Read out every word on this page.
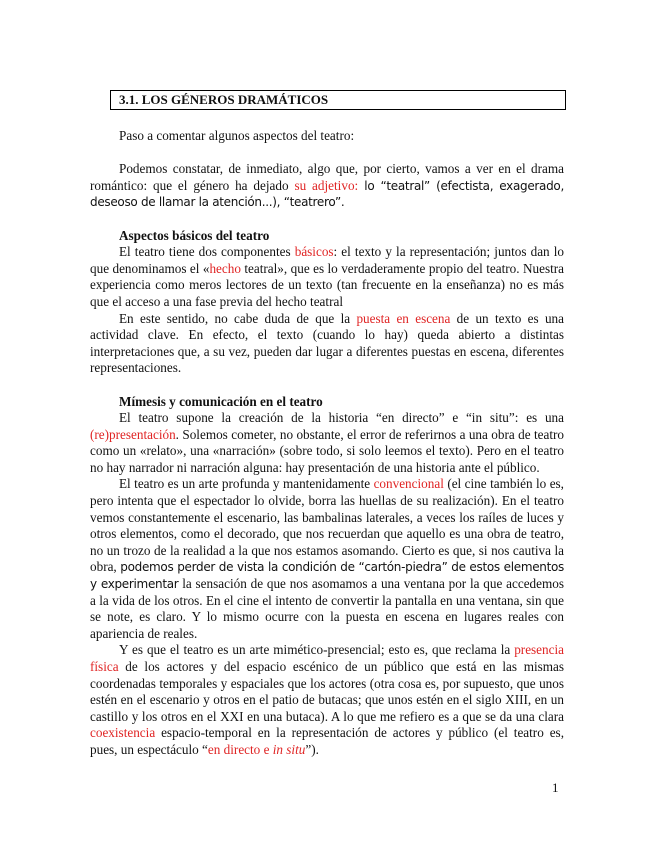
3.1. LOS GÉNEROS DRAMÁTICOS

Paso a comentar algunos aspectos del teatro:

Podemos constatar, de inmediato, algo que, por cierto, vamos a ver en el drama romántico: que el género ha dejado su adjetivo: lo “teatral” (efectista, exagerado, deseoso de llamar la atención...), “teatrero”.

Aspectos básicos del teatro

El teatro tiene dos componentes básicos: el texto y la representación; juntos dan lo que denominamos el «hecho teatral», que es lo verdaderamente propio del teatro. Nuestra experiencia como meros lectores de un texto (tan frecuente en la enseñanza) no es más que el acceso a una fase previa del hecho teatral

En este sentido, no cabe duda de que la puesta en escena de un texto es una actividad clave. En efecto, el texto (cuando lo hay) queda abierto a distintas interpretaciones que, a su vez, pueden dar lugar a diferentes puestas en escena, diferentes representaciones.

Mímesis y comunicación en el teatro

El teatro supone la creación de la historia “en directo” e “in situ”: es una (re)presentación. Solemos cometer, no obstante, el error de referirnos a una obra de teatro como un «relato», una «narración» (sobre todo, si solo leemos el texto). Pero en el teatro no hay narrador ni narración alguna: hay presentación de una historia ante el público.

El teatro es un arte profunda y mantenidamente convencional (el cine también lo es, pero intenta que el espectador lo olvide, borra las huellas de su realización). En el teatro vemos constantemente el escenario, las bambalinas laterales, a veces los raíles de luces y otros elementos, como el decorado, que nos recuerdan que aquello es una obra de teatro, no un trozo de la realidad a la que nos estamos asomando. Cierto es que, si nos cautiva la obra, podemos perder de vista la condición de “cartón-piedra” de estos elementos y experimentar la sensación de que nos asomamos a una ventana por la que accedemos a la vida de los otros. En el cine el intento de convertir la pantalla en una ventana, sin que se note, es claro. Y lo mismo ocurre con la puesta en escena en lugares reales con apariencia de reales.

Y es que el teatro es un arte mimético-presencial; esto es, que reclama la presencia física de los actores y del espacio escénico de un público que está en las mismas coordenadas temporales y espaciales que los actores (otra cosa es, por supuesto, que unos estén en el escenario y otros en el patio de butacas; que unos estén en el siglo XIII, en un castillo y los otros en el XXI en una butaca). A lo que me refiero es a que se da una clara coexistencia espacio-temporal en la representación de actores y público (el teatro es, pues, un espectáculo “en directo e in situ”).

1
